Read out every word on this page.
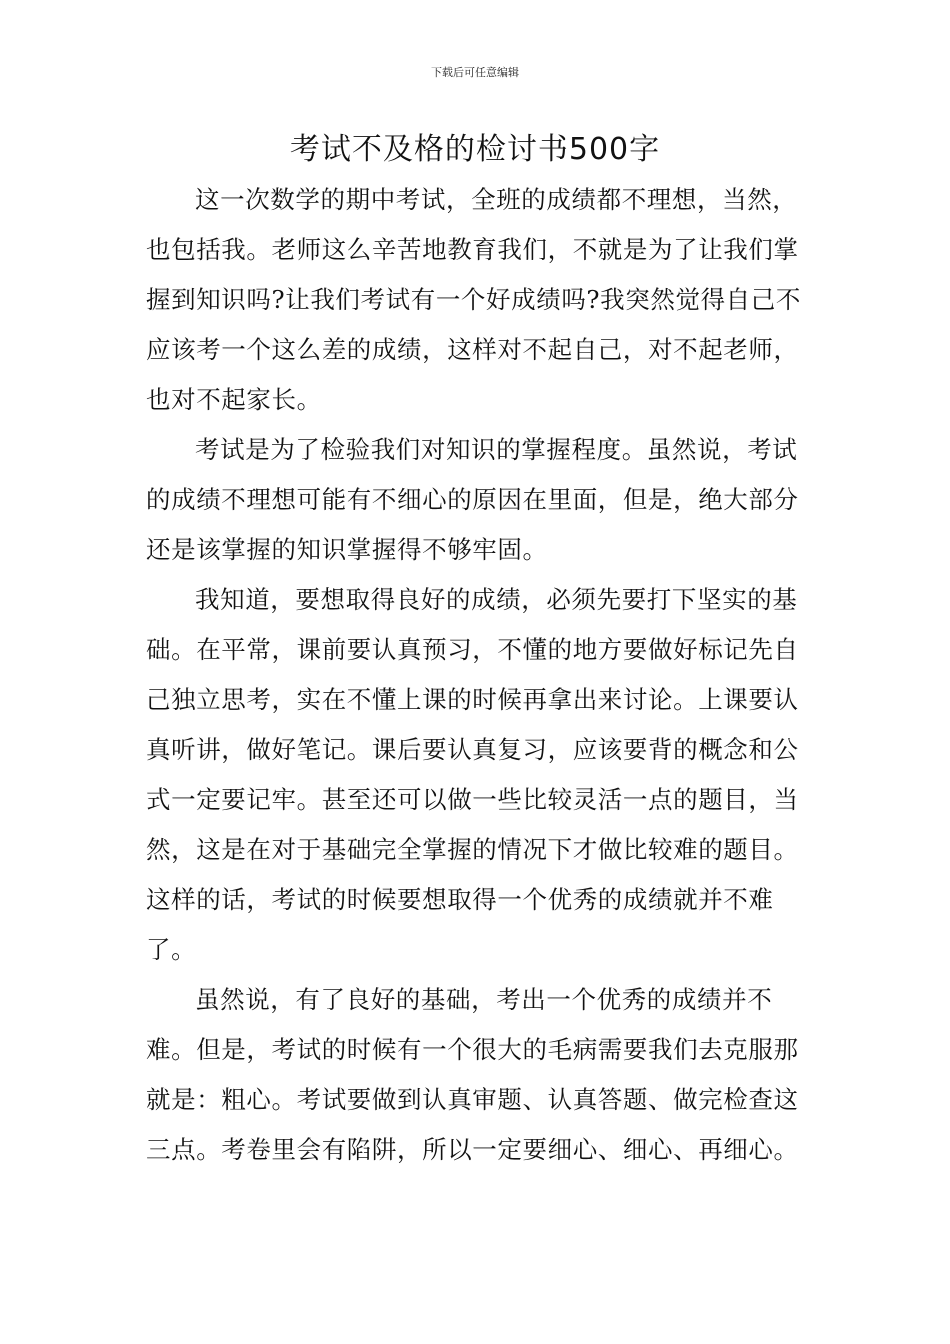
下载后可任意编辑
考试不及格的检讨书500字

这一次数学的期中考试，全班的成绩都不理想，当然，也包括我。老师这么辛苦地教育我们，不就是为了让我们掌握到知识吗?让我们考试有一个好成绩吗?我突然觉得自己不应该考一个这么差的成绩，这样对不起自己，对不起老师，也对不起家长。

考试是为了检验我们对知识的掌握程度。虽然说，考试的成绩不理想可能有不细心的原因在里面，但是，绝大部分还是该掌握的知识掌握得不够牢固。

我知道，要想取得良好的成绩，必须先要打下坚实的基础。在平常，课前要认真预习，不懂的地方要做好标记先自己独立思考，实在不懂上课的时候再拿出来讨论。上课要认真听讲，做好笔记。课后要认真复习，应该要背的概念和公式一定要记牢。甚至还可以做一些比较灵活一点的题目，当然，这是在对于基础完全掌握的情况下才做比较难的题目。这样的话，考试的时候要想取得一个优秀的成绩就并不难了。

虽然说，有了良好的基础，考出一个优秀的成绩并不难。但是，考试的时候有一个很大的毛病需要我们去克服那就是：粗心。考试要做到认真审题、认真答题、做完检查这三点。考卷里会有陷阱，所以一定要细心、细心、再细心。
